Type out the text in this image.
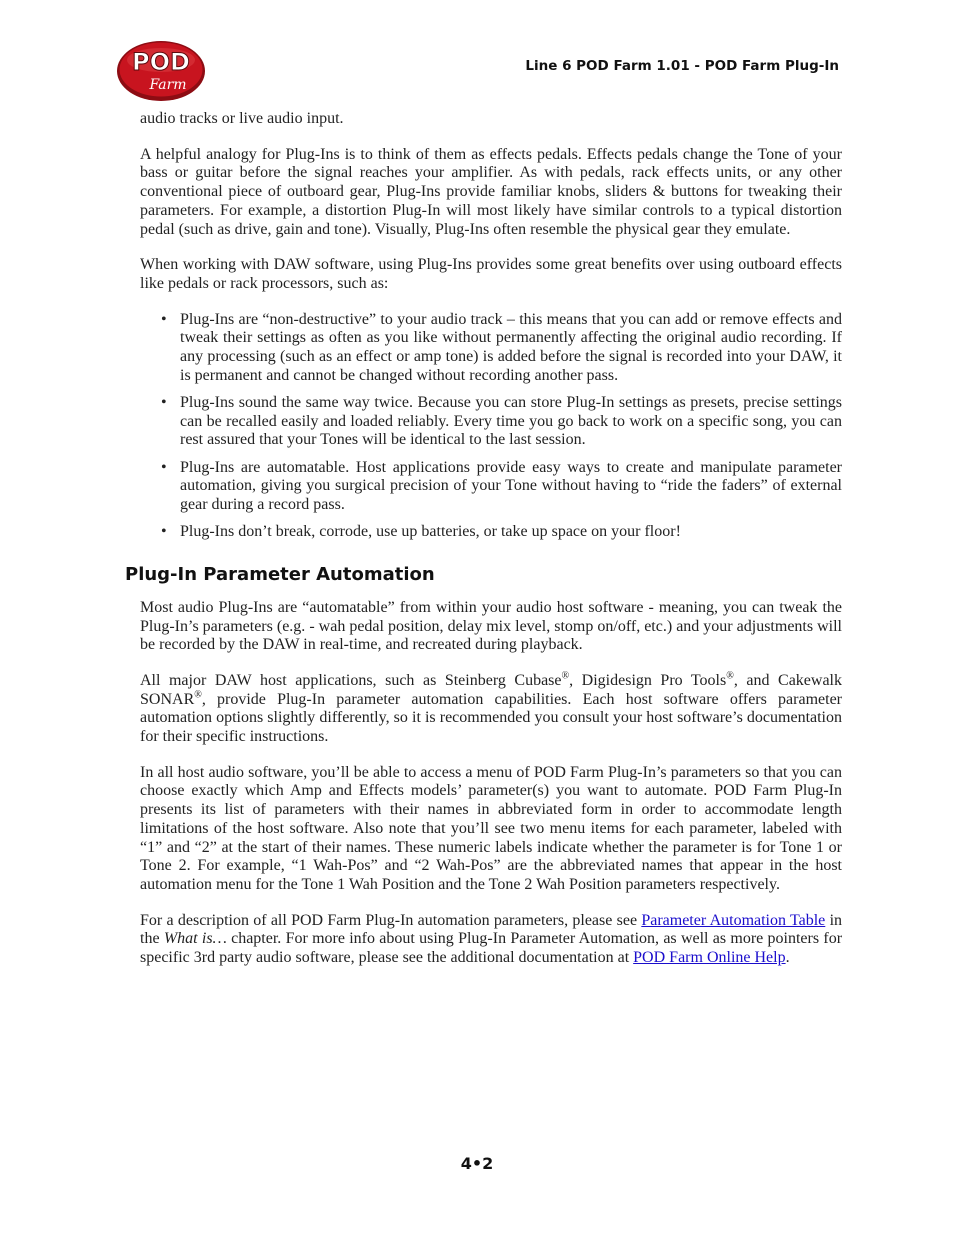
POD
Farm
Line 6 POD Farm 1.01 - POD Farm Plug-In

audio tracks or live audio input.

A helpful analogy for Plug-Ins is to think of them as effects pedals. Effects pedals change the Tone of your bass or guitar before the signal reaches your amplifier. As with pedals, rack effects units, or any other conventional piece of outboard gear, Plug-Ins provide familiar knobs, sliders & buttons for tweaking their parameters. For example, a distortion Plug-In will most likely have similar controls to a typical distortion pedal (such as drive, gain and tone). Visually, Plug-Ins often resemble the physical gear they emulate.

When working with DAW software, using Plug-Ins provides some great benefits over using outboard effects like pedals or rack processors, such as:

• Plug-Ins are “non-destructive” to your audio track – this means that you can add or remove effects and tweak their settings as often as you like without permanently affecting the original audio recording. If any processing (such as an effect or amp tone) is added before the signal is recorded into your DAW, it is permanent and cannot be changed without recording another pass.
• Plug-Ins sound the same way twice. Because you can store Plug-In settings as presets, precise settings can be recalled easily and loaded reliably. Every time you go back to work on a specific song, you can rest assured that your Tones will be identical to the last session.
• Plug-Ins are automatable. Host applications provide easy ways to create and manipulate parameter automation, giving you surgical precision of your Tone without having to “ride the faders” of external gear during a record pass.
• Plug-Ins don’t break, corrode, use up batteries, or take up space on your floor!
Plug-In Parameter Automation

Most audio Plug-Ins are “automatable” from within your audio host software - meaning, you can tweak the Plug-In’s parameters (e.g. - wah pedal position, delay mix level, stomp on/off, etc.) and your adjustments will be recorded by the DAW in real-time, and recreated during playback.

All major DAW host applications, such as Steinberg Cubase®, Digidesign Pro Tools®, and Cakewalk SONAR®, provide Plug-In parameter automation capabilities. Each host software offers parameter automation options slightly differently, so it is recommended you consult your host software’s documentation for their specific instructions.

In all host audio software, you’ll be able to access a menu of POD Farm Plug-In’s parameters so that you can choose exactly which Amp and Effects models’ parameter(s) you want to automate. POD Farm Plug-In presents its list of parameters with their names in abbreviated form in order to accommodate length limitations of the host software. Also note that you’ll see two menu items for each parameter, labeled with “1” and “2” at the start of their names. These numeric labels indicate whether the parameter is for Tone 1 or Tone 2. For example, “1 Wah-Pos” and “2 Wah-Pos” are the abbreviated names that appear in the host automation menu for the Tone 1 Wah Position and the Tone 2 Wah Position parameters respectively.

For a description of all POD Farm Plug-In automation parameters, please see Parameter Automation Table in the What is… chapter. For more info about using Plug-In Parameter Automation, as well as more pointers for specific 3rd party audio software, please see the additional documentation at POD Farm Online Help.

4•2
